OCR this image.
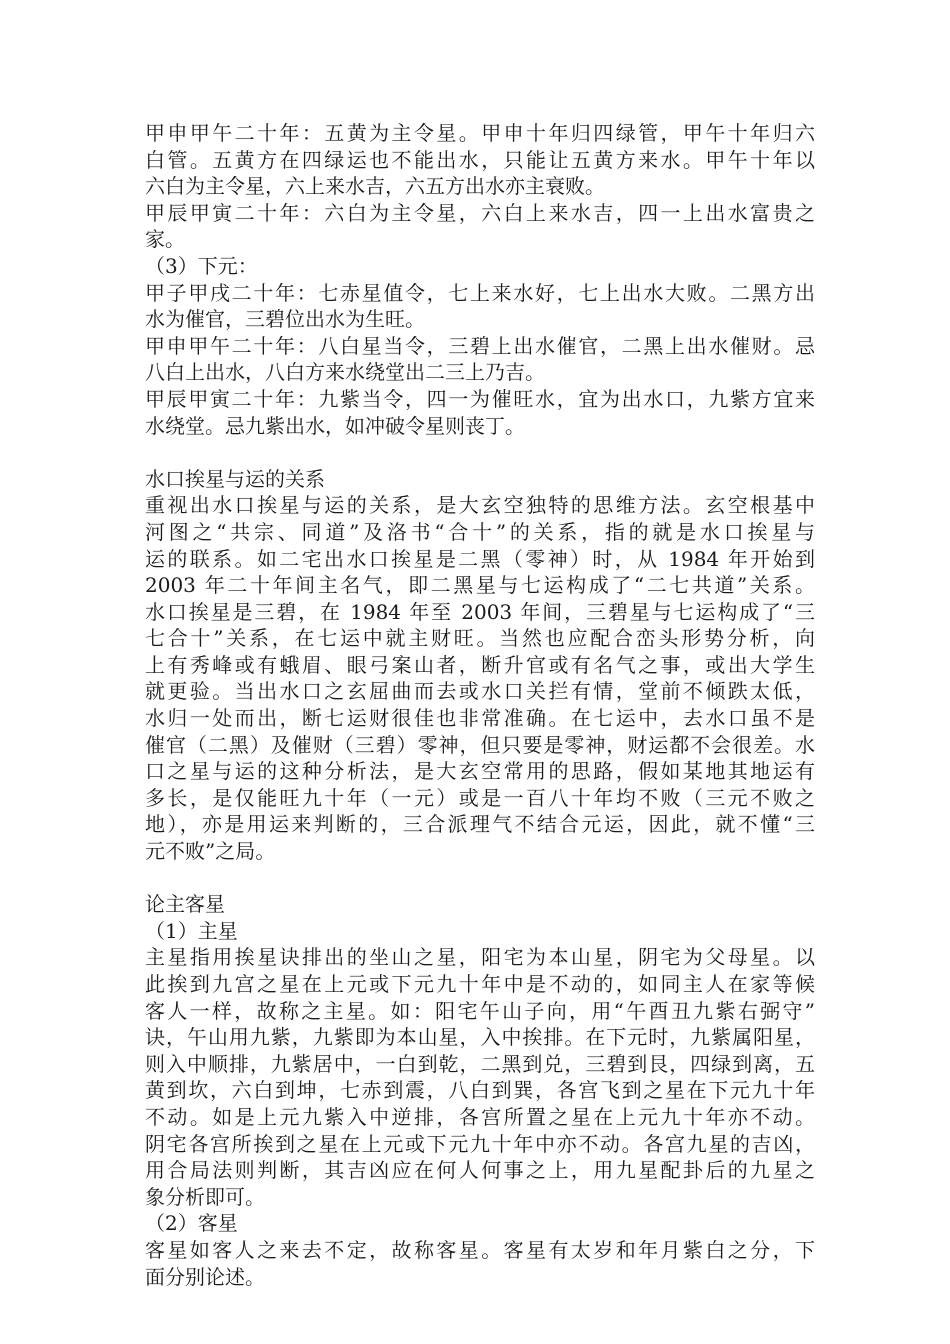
甲申甲午二十年：五黄为主令星。甲申十年归四绿管，甲午十年归六
白管。五黄方在四绿运也不能出水，只能让五黄方来水。甲午十年以
六白为主令星，六上来水吉，六五方出水亦主衰败。
甲辰甲寅二十年：六白为主令星，六白上来水吉，四一上出水富贵之
家。
（3）下元：
甲子甲戌二十年：七赤星值令，七上来水好，七上出水大败。二黑方出
水为催官，三碧位出水为生旺。
甲申甲午二十年：八白星当令，三碧上出水催官，二黑上出水催财。忌
八白上出水，八白方来水绕堂出二三上乃吉。
甲辰甲寅二十年：九紫当令，四一为催旺水，宜为出水口，九紫方宜来
水绕堂。忌九紫出水，如冲破令星则丧丁。
水口挨星与运的关系
重视出水口挨星与运的关系，是大玄空独特的思维方法。玄空根基中
河图之“共宗、同道”及洛书“合十”的关系，指的就是水口挨星与
运的联系。如二宅出水口挨星是二黑（零神）时，从 1984 年开始到
2003 年二十年间主名气，即二黑星与七运构成了“二七共道”关系。
水口挨星是三碧，在 1984 年至 2003 年间，三碧星与七运构成了“三
七合十”关系，在七运中就主财旺。当然也应配合峦头形势分析，向
上有秀峰或有蛾眉、眼弓案山者，断升官或有名气之事，或出大学生
就更验。当出水口之玄屈曲而去或水口关拦有情，堂前不倾跌太低，
水归一处而出，断七运财很佳也非常准确。在七运中，去水口虽不是
催官（二黑）及催财（三碧）零神，但只要是零神，财运都不会很差。水
口之星与运的这种分析法，是大玄空常用的思路，假如某地其地运有
多长，是仅能旺九十年（一元）或是一百八十年均不败（三元不败之
地），亦是用运来判断的，三合派理气不结合元运，因此，就不懂“三
元不败”之局。
论主客星
（1）主星
主星指用挨星诀排出的坐山之星，阳宅为本山星，阴宅为父母星。以
此挨到九宫之星在上元或下元九十年中是不动的，如同主人在家等候
客人一样，故称之主星。如：阳宅午山子向，用“午酉丑九紫右弼守”
诀，午山用九紫，九紫即为本山星，入中挨排。在下元时，九紫属阳星，
则入中顺排，九紫居中，一白到乾，二黑到兑，三碧到艮，四绿到离，五
黄到坎，六白到坤，七赤到震，八白到巽，各宫飞到之星在下元九十年
不动。如是上元九紫入中逆排，各宫所置之星在上元九十年亦不动。
阴宅各宫所挨到之星在上元或下元九十年中亦不动。各宫九星的吉凶，
用合局法则判断，其吉凶应在何人何事之上，用九星配卦后的九星之
象分析即可。
（2）客星
客星如客人之来去不定，故称客星。客星有太岁和年月紫白之分，下
面分别论述。
